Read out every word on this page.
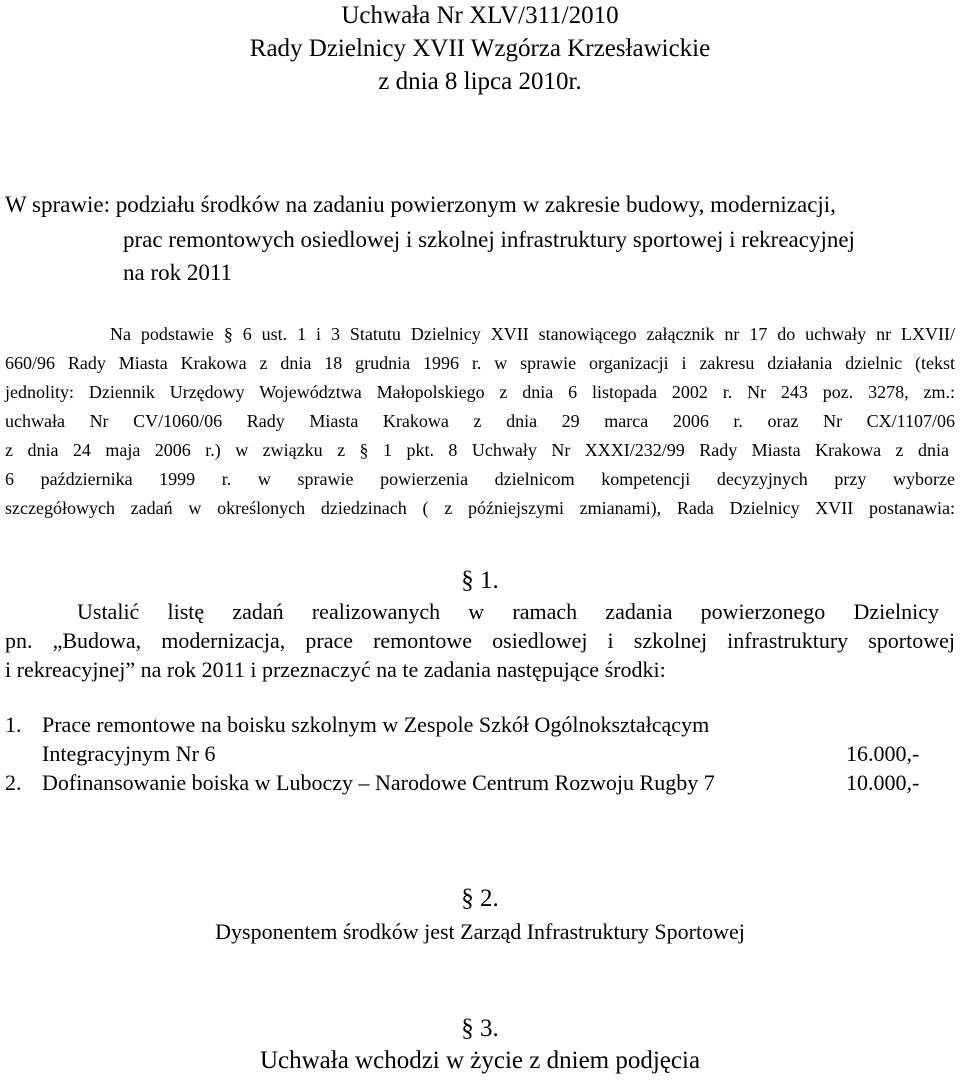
Uchwała Nr XLV/311/2010

Rady Dzielnicy XVII Wzgórza Krzesławickie

z dnia 8 lipca 2010r.

W sprawie: podziału środków na zadaniu powierzonym w zakresie budowy, modernizacji,

prac remontowych osiedlowej i szkolnej infrastruktury sportowej i rekreacyjnej

na rok 2011

Na podstawie § 6 ust. 1 i 3 Statutu Dzielnicy XVII stanowiącego załącznik nr 17 do uchwały nr LXVII/

660/96 Rady Miasta Krakowa z dnia 18 grudnia 1996 r. w sprawie organizacji i zakresu działania dzielnic (tekst

jednolity: Dziennik Urzędowy Województwa Małopolskiego z dnia 6 listopada 2002 r. Nr 243 poz. 3278, zm.:

uchwała Nr CV/1060/06 Rady Miasta Krakowa z dnia 29 marca 2006 r. oraz Nr CX/1107/06

z dnia 24 maja 2006 r.) w związku z § 1 pkt. 8 Uchwały Nr XXXI/232/99 Rady Miasta Krakowa z dnia

6 października 1999 r. w sprawie powierzenia dzielnicom kompetencji decyzyjnych przy wyborze

szczegółowych zadań w określonych dziedzinach ( z późniejszymi zmianami), Rada Dzielnicy XVII postanawia:

§ 1.

Ustalić listę zadań realizowanych w ramach zadania powierzonego Dzielnicy

pn. „Budowa, modernizacja, prace remontowe osiedlowej i szkolnej infrastruktury sportowej

i rekreacyjnej” na rok 2011 i przeznaczyć na te zadania następujące środki:

1. Prace remontowe na boisku szkolnym w Zespole Szkół Ogólnokształcącym
Integracyjnym Nr 6	16.000,-
2. Dofinansowanie boiska w Luboczy – Narodowe Centrum Rozwoju Rugby 7	10.000,-

§ 2.

Dysponentem środków jest Zarząd Infrastruktury Sportowej

§ 3.

Uchwała wchodzi w życie z dniem podjęcia
